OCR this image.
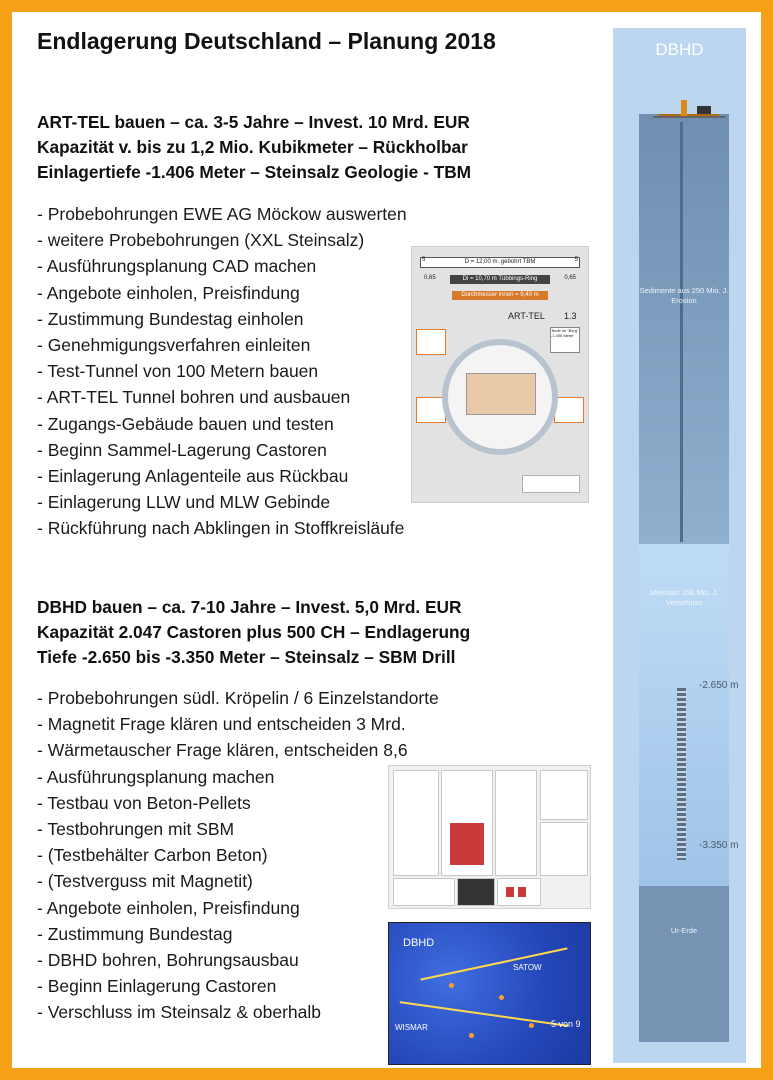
Endlagerung Deutschland – Planung 2018
ART-TEL bauen – ca. 3-5 Jahre – Invest. 10 Mrd. EUR
Kapazität v. bis zu 1,2 Mio. Kubikmeter – Rückholbar
Einlagertiefe -1.406 Meter – Steinsalz Geologie - TBM
- Probebohrungen EWE AG Möckow auswerten
- weitere Probebohrungen (XXL Steinsalz)
- Ausführungsplanung CAD machen
- Angebote einholen, Preisfindung
- Zustimmung Bundestag einholen
- Genehmigungsverfahren einleiten
- Test-Tunnel von 100 Metern bauen
- ART-TEL Tunnel bohren und ausbauen
- Zugangs-Gebäude bauen und testen
- Beginn Sammel-Lagerung Castoren
- Einlagerung Anlagenteile aus Rückbau
- Einlagerung LLW und MLW Gebinde
- Rückführung nach Abklingen in Stoffkreisläufe
DBHD bauen – ca. 7-10 Jahre – Invest. 5,0 Mrd. EUR
Kapazität 2.047 Castoren plus 500 CH – Endlagerung
Tiefe -2.650 bis -3.350 Meter – Steinsalz – SBM Drill
- Probebohrungen südl. Kröpelin / 6 Einzelstandorte
- Magnetit Frage klären und entscheiden 3 Mrd.
- Wärmetauscher Frage klären, entscheiden 8,6
- Ausführungsplanung machen
- Testbau von Beton-Pellets
- Testbohrungen mit SBM
- (Testbehälter Carbon Beton)
- (Testverguss mit Magnetit)
- Angebote einholen, Preisfindung
- Zustimmung Bundestag
- DBHD bohren, Bohrungsausbau
- Beginn Einlagerung Castoren
- Verschluss im Steinsalz & oberhalb
D = 12,00 m. gebohrt TBM
5	5
Di = 10,70 m Tübbings-Ring
0,65	0,65
Durchmesser innen = 9,40 m
ART-TEL 1.3
Teufe im "Berg" -1.406 Meter
DBHD
SATOW
WISMAR	5 von 9
DBHD
Sedimente aus 250 Mio. J. Erosion
Steinsalz 250 Mio. J. Verschluss
-2.650 m
-3.350 m
Ur-Erde
